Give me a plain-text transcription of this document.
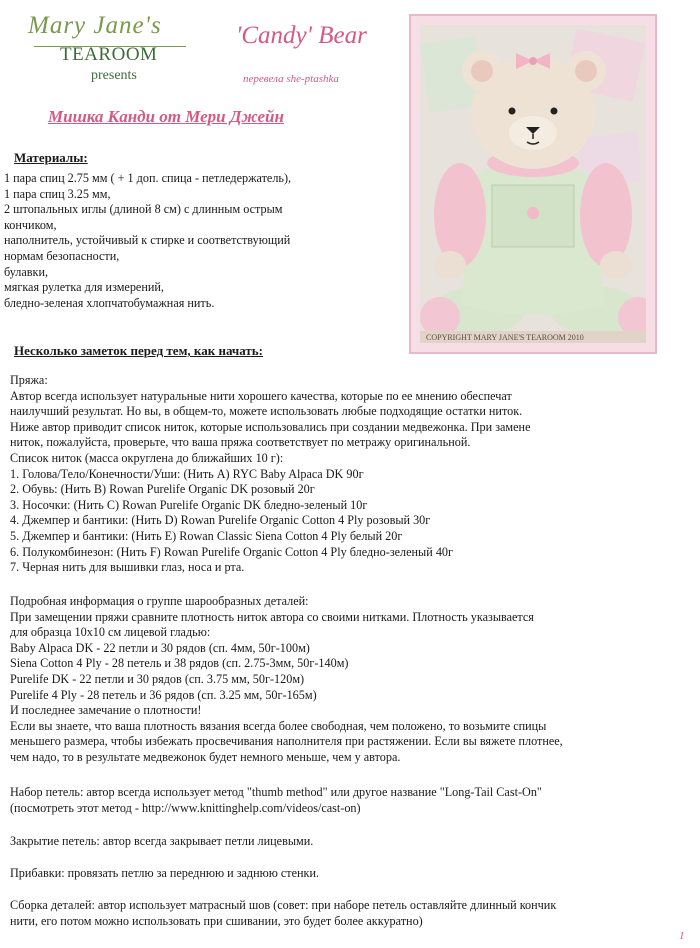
Mary Jane's
TEAROOM
presents
'Candy' Bear
перевела she-ptashka
Мишка Канди от Мери Джейн
COPYRIGHT MARY JANE'S TEAROOM 2010
Материалы:
1 пара спиц 2.75 мм ( + 1 доп. спица - петледержатель),
1 пара спиц 3.25 мм,
2 штопальных иглы (длиной 8 см) с длинным острым
кончиком,
наполнитель, устойчивый к стирке и соответствующий
нормам безопасности,
булавки,
мягкая рулетка для измерений,
бледно-зеленая хлопчатобумажная нить.
Несколько заметок перед тем, как начать:
Пряжа:
Автор всегда использует натуральные нити хорошего качества, которые по ее мнению обеспечат
наилучший результат. Но вы, в общем-то, можете использовать любые подходящие остатки ниток.
Ниже автор приводит список ниток, которые использовались при создании медвежонка. При замене
ниток, пожалуйста, проверьте, что ваша пряжа соответствует по метражу оригинальной.
Список ниток (масса округлена до ближайших 10 г):
1. Голова/Тело/Конечности/Уши: (Нить A) RYC Baby Alpaca DK 90г
2. Обувь: (Нить B) Rowan Purelife Organic DK розовый 20г
3. Носочки: (Нить C) Rowan Purelife Organic DK бледно-зеленый 10г
4. Джемпер и бантики: (Нить D) Rowan Purelife Organic Cotton 4 Ply розовый 30г
5. Джемпер и бантики: (Нить E) Rowan Classic Siena Cotton 4 Ply белый 20г
6. Полукомбинезон: (Нить F) Rowan Purelife Organic Cotton 4 Ply бледно-зеленый 40г
7. Черная нить для вышивки глаз, носа и рта.
Подробная информация о группе шарообразных деталей:
При замещении пряжи сравните плотность ниток автора со своими нитками. Плотность указывается
для образца 10х10 см лицевой гладью:
Baby Alpaca DK - 22 петли и 30 рядов (сп. 4мм, 50г-100м)
Siena Cotton 4 Ply - 28 петель и 38 рядов (сп. 2.75-3мм, 50г-140м)
Purelife DK - 22 петли и 30 рядов (сп. 3.75 мм, 50г-120м)
Purelife 4 Ply - 28 петель и 36 рядов (сп. 3.25 мм, 50г-165м)
И последнее замечание о плотности!
Если вы знаете, что ваша плотность вязания всегда более свободная, чем положено, то возьмите спицы
меньшего размера, чтобы избежать просвечивания наполнителя при растяжении. Если вы вяжете плотнее,
чем надо, то в результате медвежонок будет немного меньше, чем у автора.
Набор петель: автор всегда использует метод "thumb method" или другое название "Long-Tail Cast-On"
(посмотреть этот метод - http://www.knittinghelp.com/videos/cast-on)
Закрытие петель: автор всегда закрывает петли лицевыми.
Прибавки: провязать петлю за переднюю и заднюю стенки.
Сборка деталей: автор использует матрасный шов (совет: при наборе петель оставляйте длинный кончик
нити, его потом можно использовать при сшивании, это будет более аккуратно)
1
